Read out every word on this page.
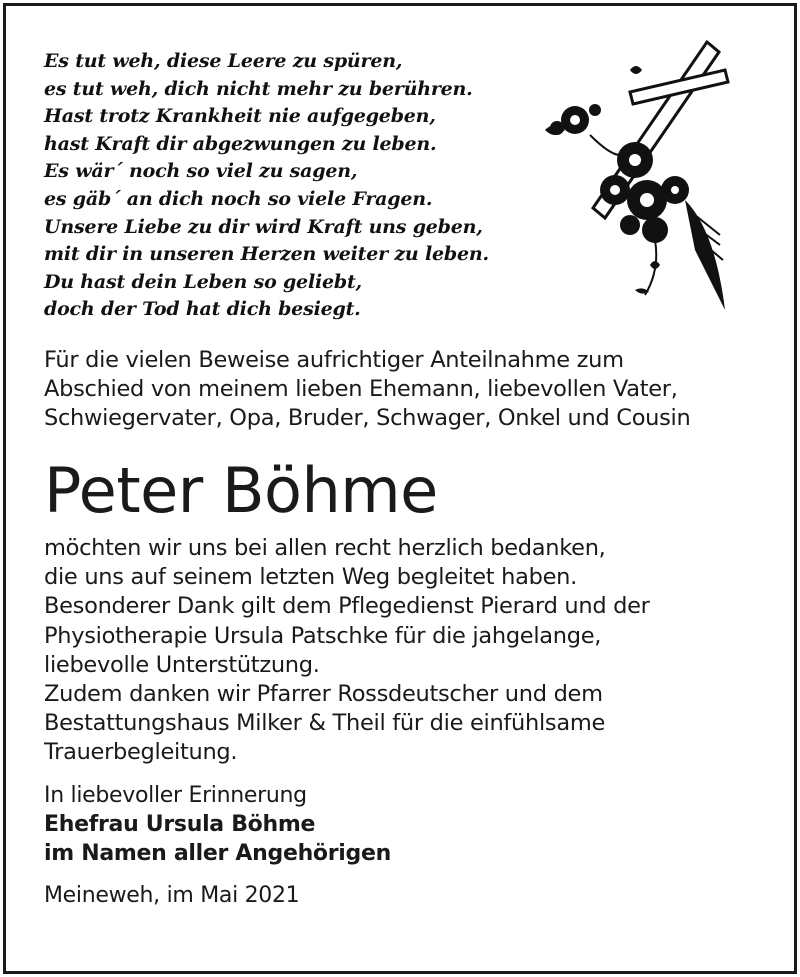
Es tut weh, diese Leere zu spüren,
es tut weh, dich nicht mehr zu berühren.
Hast trotz Krankheit nie aufgegeben,
hast Kraft dir abgezwungen zu leben.
Es wär´ noch so viel zu sagen,
es gäb´ an dich noch so viele Fragen.
Unsere Liebe zu dir wird Kraft uns geben,
mit dir in unseren Herzen weiter zu leben.
Du hast dein Leben so geliebt,
doch der Tod hat dich besiegt.
Für die vielen Beweise aufrichtiger Anteilnahme zum
Abschied von meinem lieben Ehemann, liebevollen Vater,
Schwiegervater, Opa, Bruder, Schwager, Onkel und Cousin
Peter Böhme
möchten wir uns bei allen recht herzlich bedanken,
die uns auf seinem letzten Weg begleitet haben.
Besonderer Dank gilt dem Pflegedienst Pierard und der
Physiotherapie Ursula Patschke für die jahgelange,
liebevolle Unterstützung.
Zudem danken wir Pfarrer Rossdeutscher und dem
Bestattungshaus Milker & Theil für die einfühlsame
Trauerbegleitung.
In liebevoller Erinnerung
Ehefrau Ursula Böhme
im Namen aller Angehörigen
Meineweh, im Mai 2021
